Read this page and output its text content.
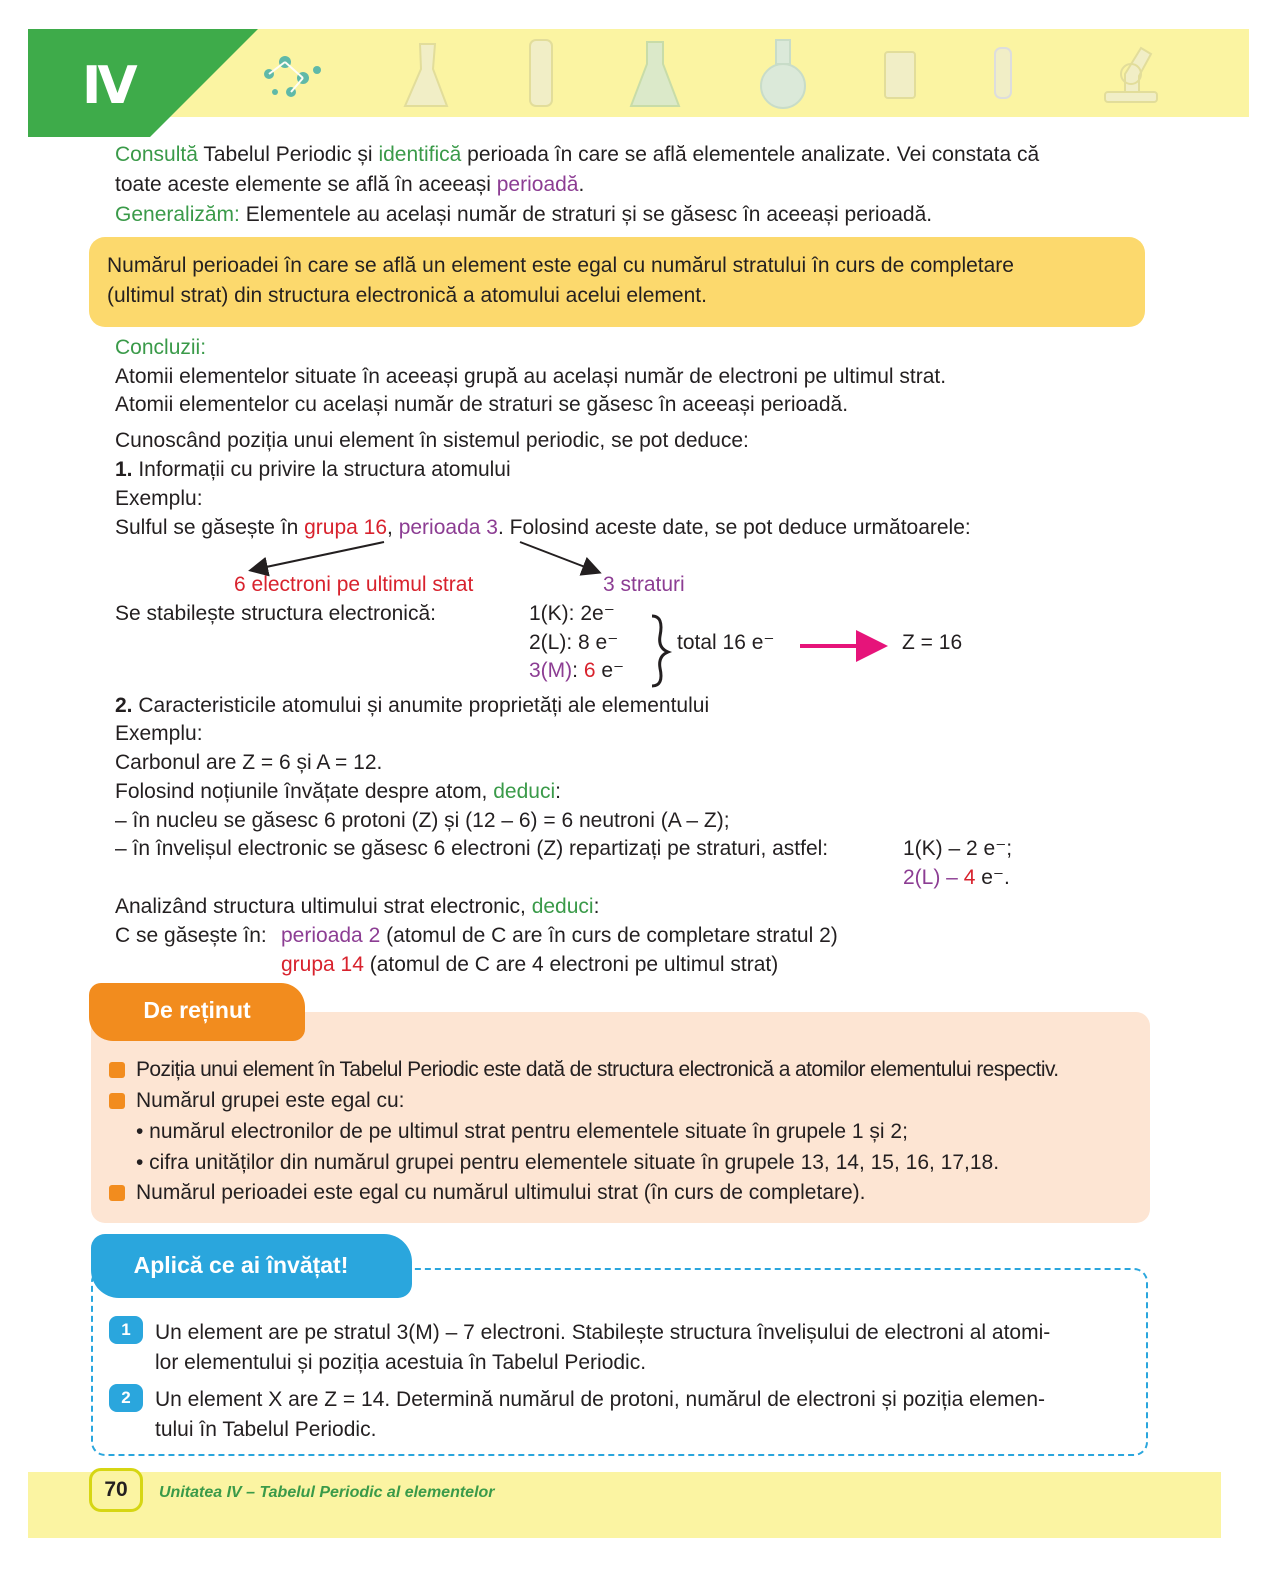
IV
Consultă Tabelul Periodic și identifică perioada în care se află elementele analizate. Vei constata că
toate aceste elemente se află în aceeași perioadă.
Generalizăm: Elementele au același număr de straturi și se găsesc în aceeași perioadă.
Numărul perioadei în care se află un element este egal cu numărul stratului în curs de completare
(ultimul strat) din structura electronică a atomului acelui element.
Concluzii:
Atomii elementelor situate în aceeași grupă au același număr de electroni pe ultimul strat.
Atomii elementelor cu același număr de straturi se găsesc în aceeași perioadă.
Cunoscând poziția unui element în sistemul periodic, se pot deduce:
1. Informații cu privire la structura atomului
Exemplu:
Sulful se găsește în grupa 16, perioada 3. Folosind aceste date, se pot deduce următoarele:
6 electroni pe ultimul strat	3 straturi
Se stabilește structura electronică:	1(K): 2e⁻
2(L): 8 e⁻
3(M): 6 e⁻
total 16 e⁻	Z = 16
2. Caracteristicile atomului și anumite proprietăți ale elementului
Exemplu:
Carbonul are Z = 6 și A = 12.
Folosind noțiunile învățate despre atom, deduci:
– în nucleu se găsesc 6 protoni (Z) și (12 – 6) = 6 neutroni (A – Z);
– în învelișul electronic se găsesc 6 electroni (Z) repartizați pe straturi, astfel:	1(K) – 2 e⁻;
2(L) – 4 e⁻.
Analizând structura ultimului strat electronic, deduci:
C se găsește în: perioada 2 (atomul de C are în curs de completare stratul 2)
grupa 14 (atomul de C are 4 electroni pe ultimul strat)
De reținut
Poziția unui element în Tabelul Periodic este dată de structura electronică a atomilor elementului respectiv.
Numărul grupei este egal cu:
• numărul electronilor de pe ultimul strat pentru elementele situate în grupele 1 și 2;
• cifra unităților din numărul grupei pentru elementele situate în grupele 13, 14, 15, 16, 17,18.
Numărul perioadei este egal cu numărul ultimului strat (în curs de completare).
Aplică ce ai învățat!
1	Un element are pe stratul 3(M) – 7 electroni. Stabilește structura învelișului de electroni al atomi-
lor elementului și poziția acestuia în Tabelul Periodic.
2	Un element X are Z = 14. Determină numărul de protoni, numărul de electroni și poziția elemen-
tului în Tabelul Periodic.
70	Unitatea IV – Tabelul Periodic al elementelor
